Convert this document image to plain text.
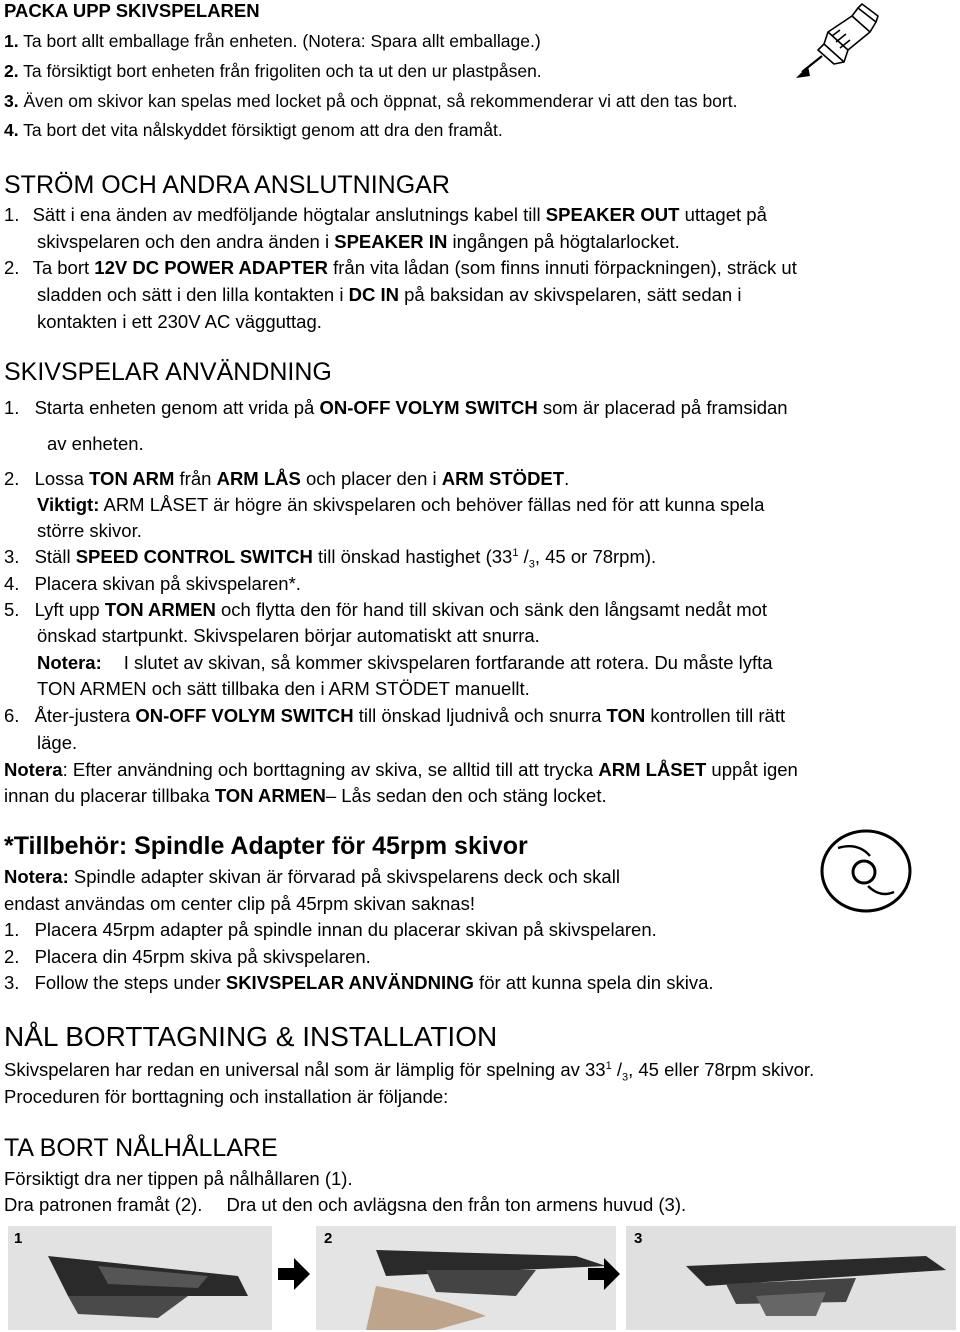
PACKA UPP SKIVSPELAREN
1. Ta bort allt emballage från enheten. (Notera: Spara allt emballage.)
2. Ta försiktigt bort enheten från frigoliten och ta ut den ur plastpåsen.
3. Även om skivor kan spelas med locket på och öppnat, så rekommenderar vi att den tas bort.
4. Ta bort det vita nålskyddet försiktigt genom att dra den framåt.
STRÖM OCH ANDRA ANSLUTNINGAR
1. Sätt i ena änden av medföljande högtalar anslutnings kabel till SPEAKER OUT uttaget på
skivspelaren och den andra änden i SPEAKER IN ingången på högtalarlocket.
2. Ta bort 12V DC POWER ADAPTER från vita lådan (som finns innuti förpackningen), sträck ut
sladden och sätt i den lilla kontakten i DC IN på baksidan av skivspelaren, sätt sedan i
kontakten i ett 230V AC vägguttag.
SKIVSPELAR ANVÄNDNING
1. Starta enheten genom att vrida på ON-OFF VOLYM SWITCH som är placerad på framsidan
av enheten.
2. Lossa TON ARM från ARM LÅS och placer den i ARM STÖDET.
Viktigt: ARM LÅSET är högre än skivspelaren och behöver fällas ned för att kunna spela
större skivor.
3. Ställ SPEED CONTROL SWITCH till önskad hastighet ($33^1$ $/_3$, 45 or 78rpm).
4. Placera skivan på skivspelaren*.
5. Lyft upp TON ARMEN och flytta den för hand till skivan och sänk den långsamt nedåt mot
önskad startpunkt. Skivspelaren börjar automatiskt att snurra.
Notera: I slutet av skivan, så kommer skivspelaren fortfarande att rotera. Du måste lyfta
TON ARMEN och sätt tillbaka den i ARM STÖDET manuellt.
6. Åter-justera ON-OFF VOLYM SWITCH till önskad ljudnivå och snurra TON kontrollen till rätt
läge.
Notera: Efter användning och borttagning av skiva, se alltid till att trycka ARM LÅSET uppåt igen
innan du placerar tillbaka TON ARMEN– Lås sedan den och stäng locket.
*Tillbehör: Spindle Adapter för 45rpm skivor
Notera: Spindle adapter skivan är förvarad på skivspelarens deck och skall
endast användas om center clip på 45rpm skivan saknas!
1. Placera 45rpm adapter på spindle innan du placerar skivan på skivspelaren.
2. Placera din 45rpm skiva på skivspelaren.
3. Follow the steps under SKIVSPELAR ANVÄNDNING för att kunna spela din skiva.
NÅL BORTTAGNING & INSTALLATION
Skivspelaren har redan en universal nål som är lämplig för spelning av $33^1$ $/_3$, 45 eller 78rpm skivor.
Proceduren för borttagning och installation är följande:
TA BORT NÅLHÅLLARE
Försiktigt dra ner tippen på nålhållaren (1).
Dra patronen framåt (2). Dra ut den och avlägsna den från ton armens huvud (3).
1	2	3
